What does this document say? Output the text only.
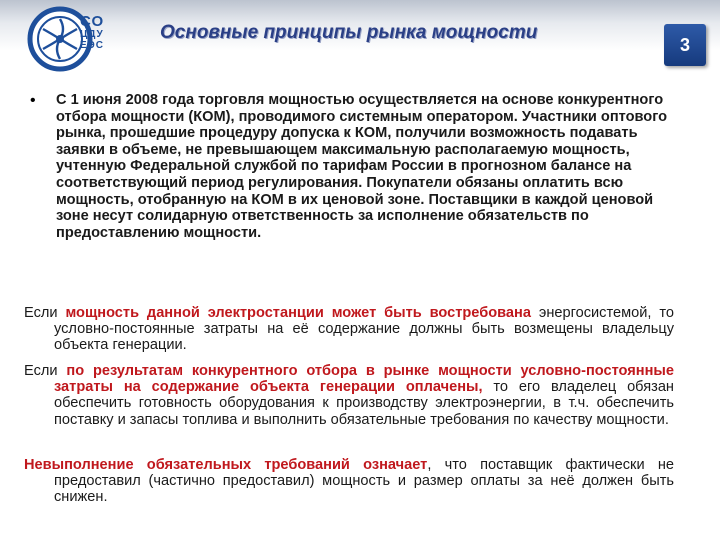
СО
ЦДУ
ЕЭС
Основные принципы рынка мощности
3
• С 1 июня 2008 года торговля мощностью осуществляется на основе конкурентного отбора мощности (КОМ), проводимого системным оператором. Участники оптового рынка, прошедшие процедуру допуска к КОМ, получили возможность подавать заявки в объеме, не превышающем максимальную располагаемую мощность, учтенную Федеральной службой по тарифам России в прогнозном балансе на соответствующий период регулирования. Покупатели обязаны оплатить всю мощность, отобранную на КОМ в их ценовой зоне. Поставщики в каждой ценовой зоне несут солидарную ответственность за исполнение обязательств по предоставлению мощности.
Если мощность данной электростанции может быть востребована энергосистемой, то условно-постоянные затраты на её содержание должны быть возмещены владельцу объекта генерации.
Если по результатам конкурентного отбора в рынке мощности условно-постоянные затраты на содержание объекта генерации оплачены, то его владелец обязан обеспечить готовность оборудования к производству электроэнергии, в т.ч. обеспечить поставку и запасы топлива и выполнить обязательные требования по качеству мощности.
Невыполнение обязательных требований означает, что поставщик фактически не предоставил (частично предоставил) мощность и размер оплаты за неё должен быть снижен.
